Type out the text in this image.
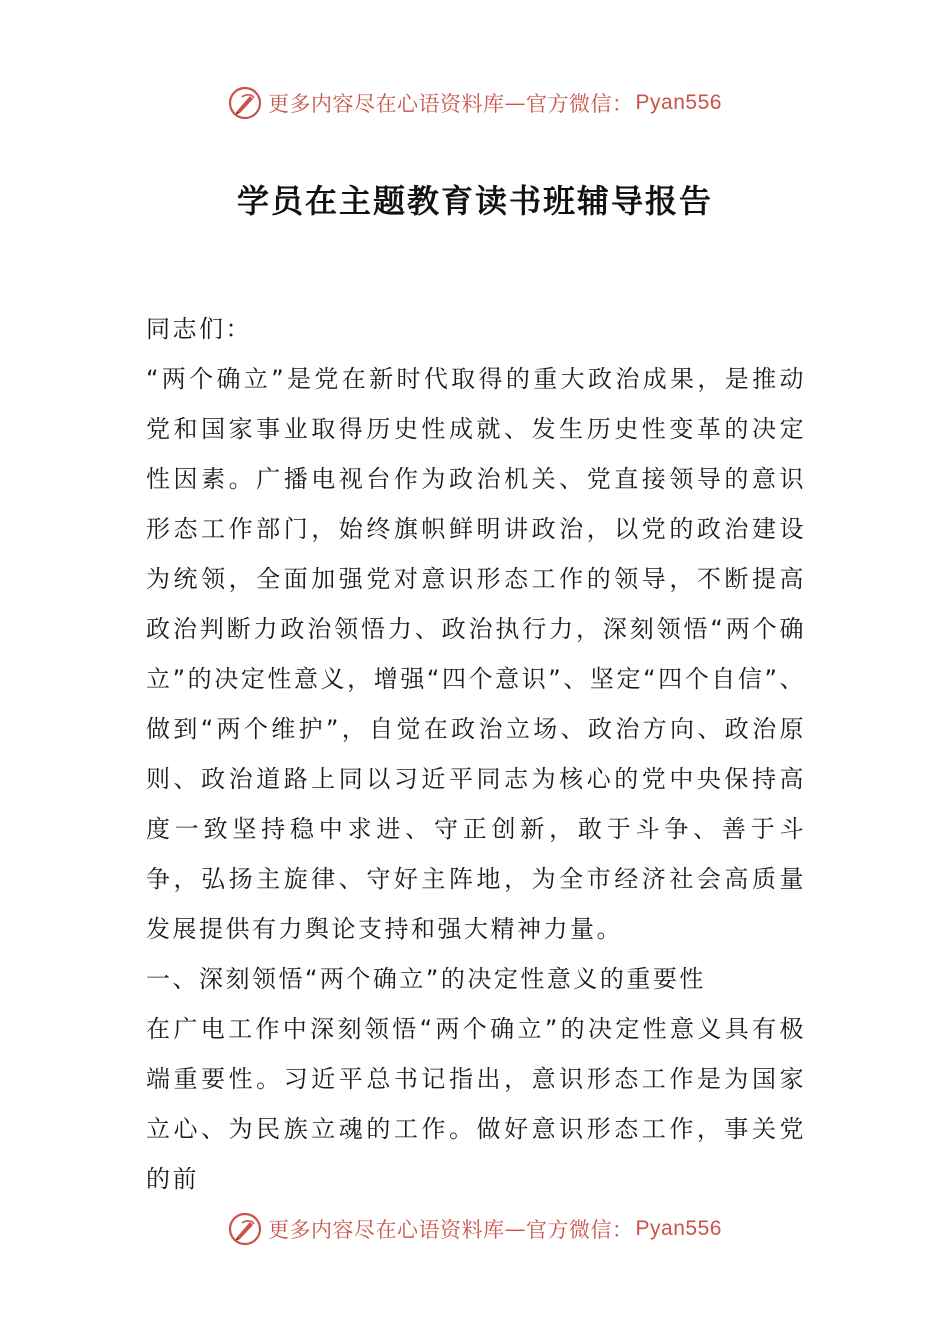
更多内容尽在心语资料库 — 官方微信： Pyan556
学员在主题教育读书班辅导报告

同志们：

“两个确立”是党在新时代取得的重大政治成果，是推动党和国家事业取得历史性成就、发生历史性变革的决定性因素。广播电视台作为政治机关、党直接领导的意识形态工作部门，始终旗帜鲜明讲政治，以党的政治建设为统领，全面加强党对意识形态工作的领导，不断提高政治判断力政治领悟力、政治执行力，深刻领悟“两个确立”的决定性意义，增强“四个意识”、坚定“四个自信”、做到“两个维护”，自觉在政治立场、政治方向、政治原则、政治道路上同以习近平同志为核心的党中央保持高度一致坚持稳中求进、守正创新，敢于斗争、善于斗争，弘扬主旋律、守好主阵地，为全市经济社会高质量发展提供有力舆论支持和强大精神力量。

一、深刻领悟“两个确立”的决定性意义的重要性

在广电工作中深刻领悟“两个确立”的决定性意义具有极端重要性。习近平总书记指出，意识形态工作是为国家立心、为民族立魂的工作。做好意识形态工作，事关党的前

更多内容尽在心语资料库 — 官方微信： Pyan556
